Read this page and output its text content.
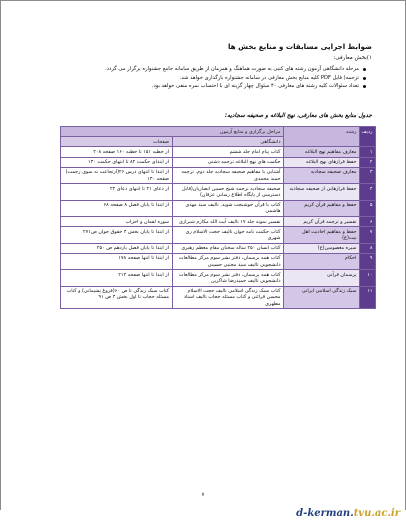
ضوابط اجرایی مسابقات و منابع بخش ها
۱)بخش معارفی:
مرحله دانشگاهی آزمون رشته های کتبی به صورت هماهنگ و همزمان از طریق سامانه جامع جشنواره برگزار می گردد.
ترجمه( فایل PDF کلیه منابع بخش معارفی در سامانه جشنواره بارگذاری خواهد شد.
تعداد سئوالات کلیه رشته های معارفی ۴۰ سئوال چهار گزینه ای با احتساب نمره منفی خواهد بود.
جدول منابع بخش های معارفی، نهج البلاغه و صحیفه سجادیه:
ردیف	رشته	مراحل برگزاری و منابع آزمون	
		دانشگاهی	صفحات
۱	معارف مفاهیم نهج البلاغه	کتاب پیام امام جلد ششم	از خطبه ۱۵۱ تا خطبه ۱۶۰ صفحه ۲۰۸
۲	حفظ فرازهای نهج البلاغه	حکمت های نهج البلاغه ترجمه دشتی	از ابتدای حکمت ۸۲ تا انتهای حکمت ۱۳۰
۳	معارف صحیفه سجادیه	آشنایی با مفاهیم صحیفه سجادیه جلد دوم. ترجمه حمید محمدی	از ابتدا تا انتهای درس ۲۶(ارتجاعت به سوی رحمت) صفحه ۱۳۰
۴	حفظ فرازهایی از صحیفه سجادیه	صحیفه سجادیه ترجمه شیخ حسین انصاریان(قابل دسترسی از پایگاه اطلاع رسانی عرفان)	از دعای ۲۱ تا انتهای دعای ۲۴
۵	حفظ و مفاهیم قرآن کریم	کتاب با قرآن خوشبخت شوید. تالیف سید مهدی هاشمی	از ابتدا تا پایان فصل ۸ صفحه ۶۸
۶	تفسیر و ترجمه قرآن کریم	تفسیر نمونه جلد ۱۷ تالیف آیت الله مکارم شیرازی	سوره لقمان و احزاب
۷	حفظ و مفاهیم احادیث اهل بیت(ع)	کتاب حکمت نامه جوان تالیف حجت الاسلام ری شهری	از ابتدا تا پایان بخش ۴ حقوق جوان ص۲۷۱
۸	سیره معصومین(ع)	کتاب انسان ۲۵۰ ساله سخنان مقام معظم رهبری	از ابتدا تا پایان فصل یازدهم ص ۲۵۰
۹	احکام	کتاب همه پرسمان، دفتر نشر سوم مرکز مطالعات دانشجویی تالیف سید مجتبی حسینی	از ابتدا تا انتها صفحه ۱۷۸
۱۰	پرسمان قرآنی	کتاب همه پرسمان، دفتر نشر سوم مرکز مطالعات دانشجویی تالیف حمیدرضا شاکرین	از ابتدا تا انتها صفحه ۲۱۴
۱۱	سبک زندگی اسلامی ایرانی	کتاب سبک زندگی اسلامی تالیف حجت الاسلام محسن قرائتی و کتاب مسئله حجاب تالیف استاد مطهری	کتاب سبک زندگی تا ص ۶۰(فروغ پشیمانی) و کتاب مسئله حجاب تا اول بخش ۴ ص ۹۱
۷
d-kerman.tvu.ac.ir
